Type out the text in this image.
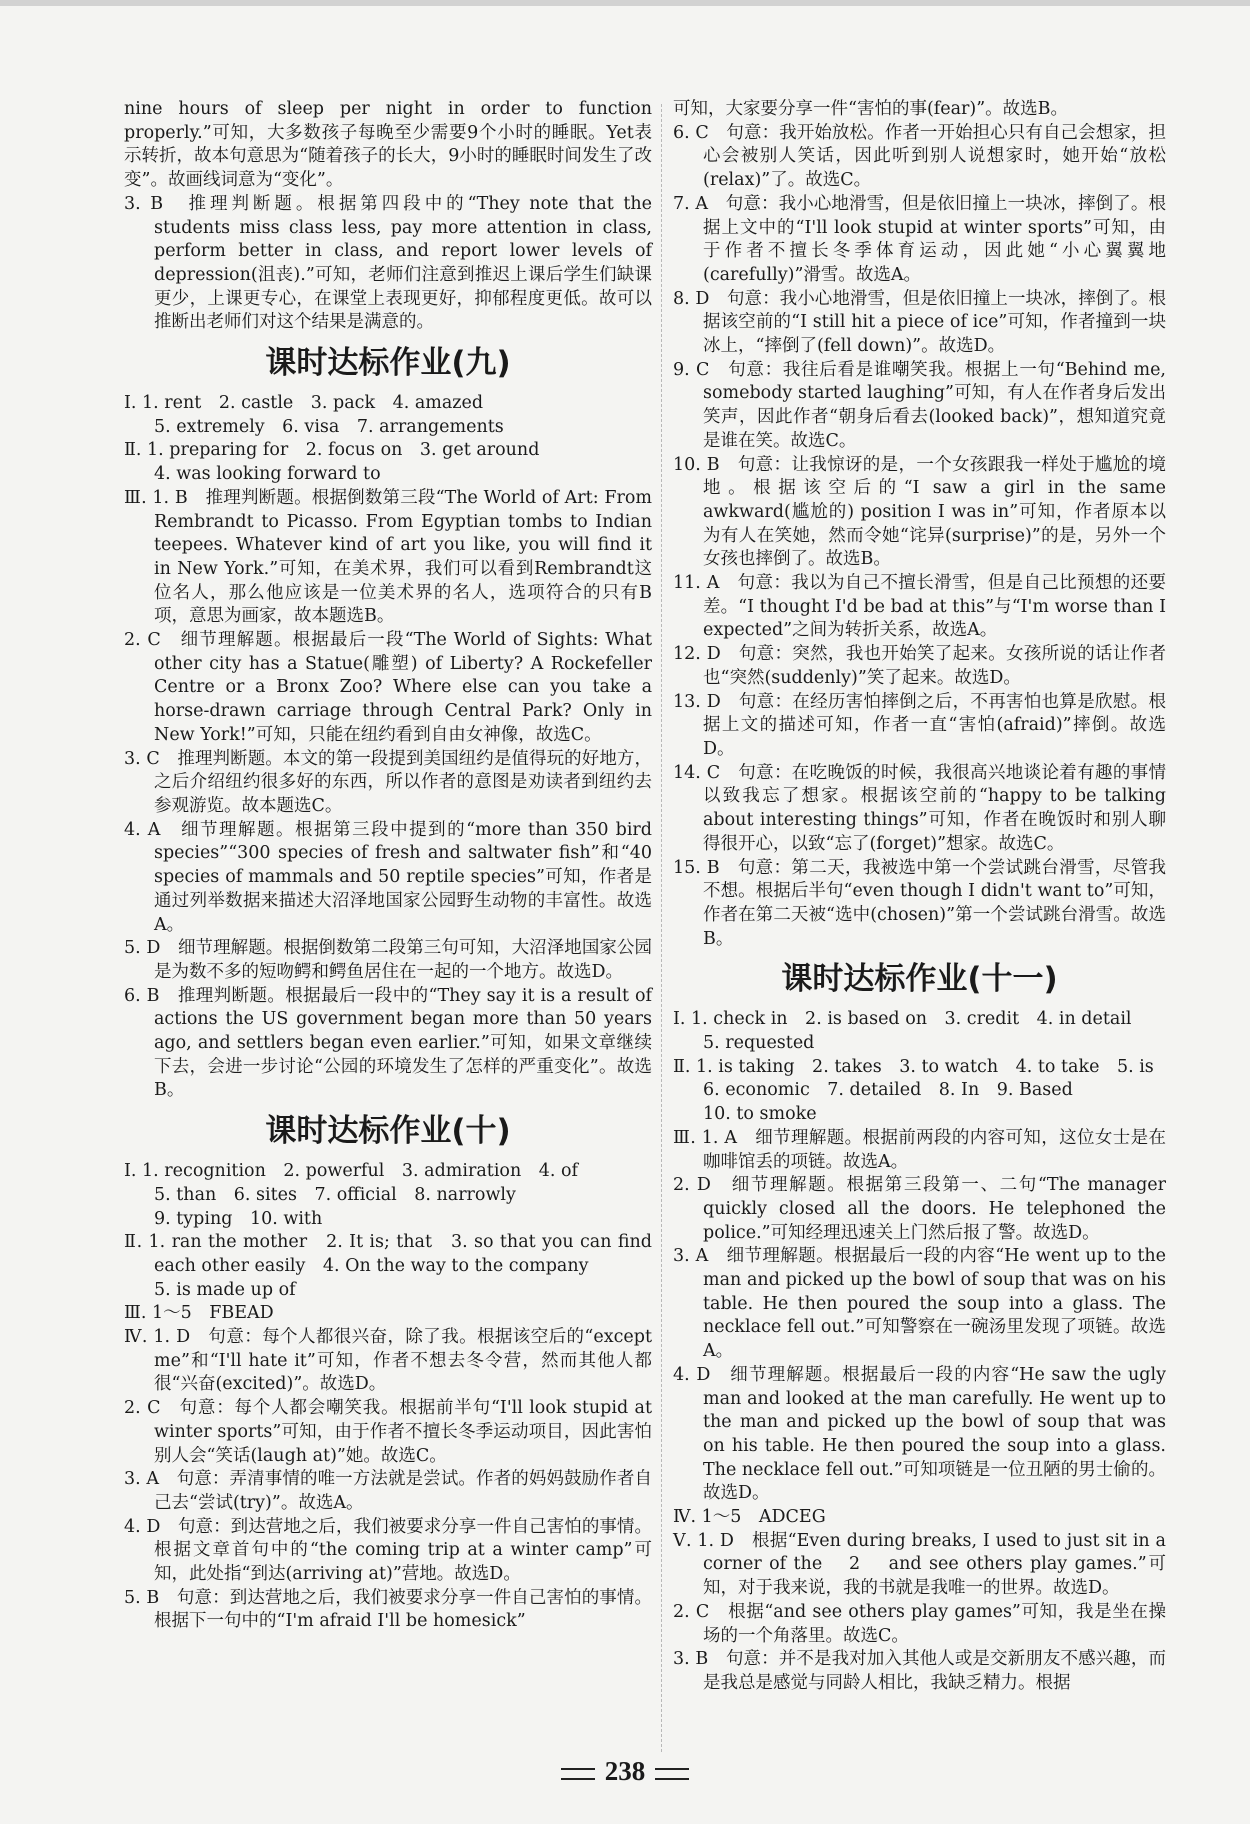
nine hours of sleep per night in order to function properly.”可知，大多数孩子每晚至少需要9个小时的睡眠。Yet表示转折，故本句意思为“随着孩子的长大，9小时的睡眠时间发生了改变”。故画线词意为“变化”。
3. B　推理判断题。根据第四段中的“They note that the students miss class less, pay more attention in class, perform better in class, and report lower levels of depression(沮丧).”可知，老师们注意到推迟上课后学生们缺课更少，上课更专心，在课堂上表现更好，抑郁程度更低。故可以推断出老师们对这个结果是满意的。
课时达标作业(九)
Ⅰ. 1. rent　2. castle　3. pack　4. amazed
5. extremely　6. visa　7. arrangements
Ⅱ. 1. preparing for　2. focus on　3. get around
4. was looking forward to
Ⅲ. 1. B　推理判断题。根据倒数第三段“The World of Art: From Rembrandt to Picasso. From Egyptian tombs to Indian teepees. Whatever kind of art you like, you will find it in New York.”可知，在美术界，我们可以看到Rembrandt这位名人，那么他应该是一位美术界的名人，选项符合的只有B项，意思为画家，故本题选B。
2. C　细节理解题。根据最后一段“The World of Sights: What other city has a Statue(雕塑) of Liberty? A Rockefeller Centre or a Bronx Zoo? Where else can you take a horse-drawn carriage through Central Park? Only in New York!”可知，只能在纽约看到自由女神像，故选C。
3. C　推理判断题。本文的第一段提到美国纽约是值得玩的好地方，之后介绍纽约很多好的东西，所以作者的意图是劝读者到纽约去参观游览。故本题选C。
4. A　细节理解题。根据第三段中提到的“more than 350 bird species”“300 species of fresh and saltwater fish”和“40 species of mammals and 50 reptile species”可知，作者是通过列举数据来描述大沼泽地国家公园野生动物的丰富性。故选A。
5. D　细节理解题。根据倒数第二段第三句可知，大沼泽地国家公园是为数不多的短吻鳄和鳄鱼居住在一起的一个地方。故选D。
6. B　推理判断题。根据最后一段中的“They say it is a result of actions the US government began more than 50 years ago, and settlers began even earlier.”可知，如果文章继续下去，会进一步讨论“公园的环境发生了怎样的严重变化”。故选B。
课时达标作业(十)
Ⅰ. 1. recognition　2. powerful　3. admiration　4. of
5. than　6. sites　7. official　8. narrowly
9. typing　10. with
Ⅱ. 1. ran the mother　2. It is; that　3. so that you can find each other easily　4. On the way to the company
5. is made up of
Ⅲ. 1～5　FBEAD
Ⅳ. 1. D　句意：每个人都很兴奋，除了我。根据该空后的“except me”和“I'll hate it”可知，作者不想去冬令营，然而其他人都很“兴奋(excited)”。故选D。
2. C　句意：每个人都会嘲笑我。根据前半句“I'll look stupid at winter sports”可知，由于作者不擅长冬季运动项目，因此害怕别人会“笑话(laugh at)”她。故选C。
3. A　句意：弄清事情的唯一方法就是尝试。作者的妈妈鼓励作者自己去“尝试(try)”。故选A。
4. D　句意：到达营地之后，我们被要求分享一件自己害怕的事情。根据文章首句中的“the coming trip at a winter camp”可知，此处指“到达(arriving at)”营地。故选D。
5. B　句意：到达营地之后，我们被要求分享一件自己害怕的事情。根据下一句中的“I'm afraid I'll be homesick”
可知，大家要分享一件“害怕的事(fear)”。故选B。
6. C　句意：我开始放松。作者一开始担心只有自己会想家，担心会被别人笑话，因此听到别人说想家时，她开始“放松(relax)”了。故选C。
7. A　句意：我小心地滑雪，但是依旧撞上一块冰，摔倒了。根据上文中的“I'll look stupid at winter sports”可知，由于作者不擅长冬季体育运动，因此她“小心翼翼地(carefully)”滑雪。故选A。
8. D　句意：我小心地滑雪，但是依旧撞上一块冰，摔倒了。根据该空前的“I still hit a piece of ice”可知，作者撞到一块冰上，“摔倒了(fell down)”。故选D。
9. C　句意：我往后看是谁嘲笑我。根据上一句“Behind me, somebody started laughing”可知，有人在作者身后发出笑声，因此作者“朝身后看去(looked back)”，想知道究竟是谁在笑。故选C。
10. B　句意：让我惊讶的是，一个女孩跟我一样处于尴尬的境地。根据该空后的“I saw a girl in the same awkward(尴尬的) position I was in”可知，作者原本以为有人在笑她，然而令她“诧异(surprise)”的是，另外一个女孩也摔倒了。故选B。
11. A　句意：我以为自己不擅长滑雪，但是自己比预想的还要差。“I thought I'd be bad at this”与“I'm worse than I expected”之间为转折关系，故选A。
12. D　句意：突然，我也开始笑了起来。女孩所说的话让作者也“突然(suddenly)”笑了起来。故选D。
13. D　句意：在经历害怕摔倒之后，不再害怕也算是欣慰。根据上文的描述可知，作者一直“害怕(afraid)”摔倒。故选D。
14. C　句意：在吃晚饭的时候，我很高兴地谈论着有趣的事情以致我忘了想家。根据该空前的“happy to be talking about interesting things”可知，作者在晚饭时和别人聊得很开心，以致“忘了(forget)”想家。故选C。
15. B　句意：第二天，我被选中第一个尝试跳台滑雪，尽管我不想。根据后半句“even though I didn't want to”可知，作者在第二天被“选中(chosen)”第一个尝试跳台滑雪。故选B。
课时达标作业(十一)
Ⅰ. 1. check in　2. is based on　3. credit　4. in detail
5. requested
Ⅱ. 1. is taking　2. takes　3. to watch　4. to take　5. is
6. economic　7. detailed　8. In　9. Based
10. to smoke
Ⅲ. 1. A　细节理解题。根据前两段的内容可知，这位女士是在咖啡馆丢的项链。故选A。
2. D　细节理解题。根据第三段第一、二句“The manager quickly closed all the doors. He telephoned the police.”可知经理迅速关上门然后报了警。故选D。
3. A　细节理解题。根据最后一段的内容“He went up to the man and picked up the bowl of soup that was on his table. He then poured the soup into a glass. The necklace fell out.”可知警察在一碗汤里发现了项链。故选A。
4. D　细节理解题。根据最后一段的内容“He saw the ugly man and looked at the man carefully. He went up to the man and picked up the bowl of soup that was on his table. He then poured the soup into a glass. The necklace fell out.”可知项链是一位丑陋的男士偷的。故选D。
Ⅳ. 1～5　ADCEG
Ⅴ. 1. D　根据“Even during breaks, I used to just sit in a corner of the 　2　 and see others play games.”可知，对于我来说，我的书就是我唯一的世界。故选D。
2. C　根据“and see others play games”可知，我是坐在操场的一个角落里。故选C。
3. B　句意：并不是我对加入其他人或是交新朋友不感兴趣，而是我总是感觉与同龄人相比，我缺乏精力。根据
238
